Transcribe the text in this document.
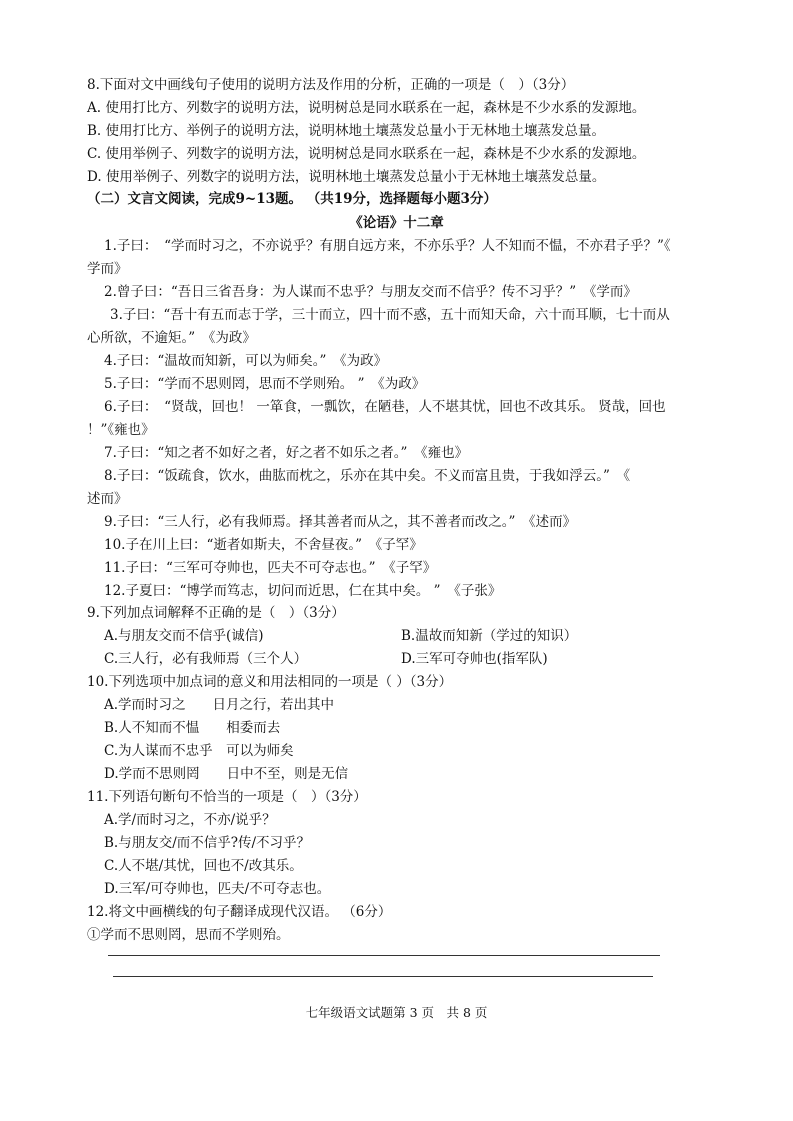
8.下面对文中画线句子使用的说明方法及作用的分析，正确的一项是（　）（3分）
A. 使用打比方、列数字的说明方法，说明树总是同水联系在一起，森林是不少水系的发源地。
B. 使用打比方、举例子的说明方法，说明林地土壤蒸发总量小于无林地土壤蒸发总量。
C. 使用举例子、列数字的说明方法，说明树总是同水联系在一起，森林是不少水系的发源地。
D. 使用举例子、列数字的说明方法，说明林地土壤蒸发总量小于无林地土壤蒸发总量。
（二）文言文阅读，完成9~13题。 （共19分，选择题每小题3分）
《论语》十二章
1.子曰：　“学而时习之，不亦说乎？有朋自远方来，不亦乐乎？人不知而不愠，不亦君子乎？”《
学而》
2.曾子曰：“吾日三省吾身：为人谋而不忠乎？与朋友交而不信乎？传不习乎？”　《学而》
3.子曰：“吾十有五而志于学，三十而立，四十而不惑，五十而知天命，六十而耳顺，七十而从
心所欲，不逾矩。”　《为政》
4.子曰：“温故而知新，可以为师矣。”　《为政》
5.子曰：“学而不思则罔，思而不学则殆。 ”　《为政》
6.子曰：　“贤哉，回也！ 一箪食，一瓢饮，在陋巷，人不堪其忧，回也不改其乐。 贤哉，回也
！”《雍也》
7.子曰：“知之者不如好之者，好之者不如乐之者。”　《雍也》
8.子曰：“饭疏食，饮水，曲肱而枕之，乐亦在其中矣。不义而富且贵，于我如浮云。”　《
述而》
9.子曰：“三人行，必有我师焉。择其善者而从之，其不善者而改之。”　《述而》
10.子在川上曰：“逝者如斯夫，不舍昼夜。”　《子罕》
11.子曰：“三军可夺帅也，匹夫不可夺志也。”　《子罕》
12.子夏曰：“博学而笃志，切问而近思，仁在其中矣。 ”　《子张》
9.下列加点词解释不正确的是（　）（3分）
A.与朋友交而不信乎(诚信)	B.温故而知新（学过的知识）
C.三人行，必有我师焉（三个人）	D.三军可夺帅也(指军队)
10.下列选项中加点词的意义和用法相同的一项是（ ）（3分）
A.学而时习之　　日月之行，若出其中
B.人不知而不愠　　相委而去
C.为人谋而不忠乎　可以为师矣
D.学而不思则罔　　日中不至，则是无信
11.下列语句断句不恰当的一项是（　）（3分）
A.学/而时习之，不亦/说乎？
B.与朋友交/而不信乎?传/不习乎？
C.人不堪/其忧，回也不/改其乐。
D.三军/可夺帅也，匹夫/不可夺志也。
12.将文中画横线的句子翻译成现代汉语。 （6分）
①学而不思则罔，思而不学则殆。
七年级语文试题第 3 页　共 8 页
